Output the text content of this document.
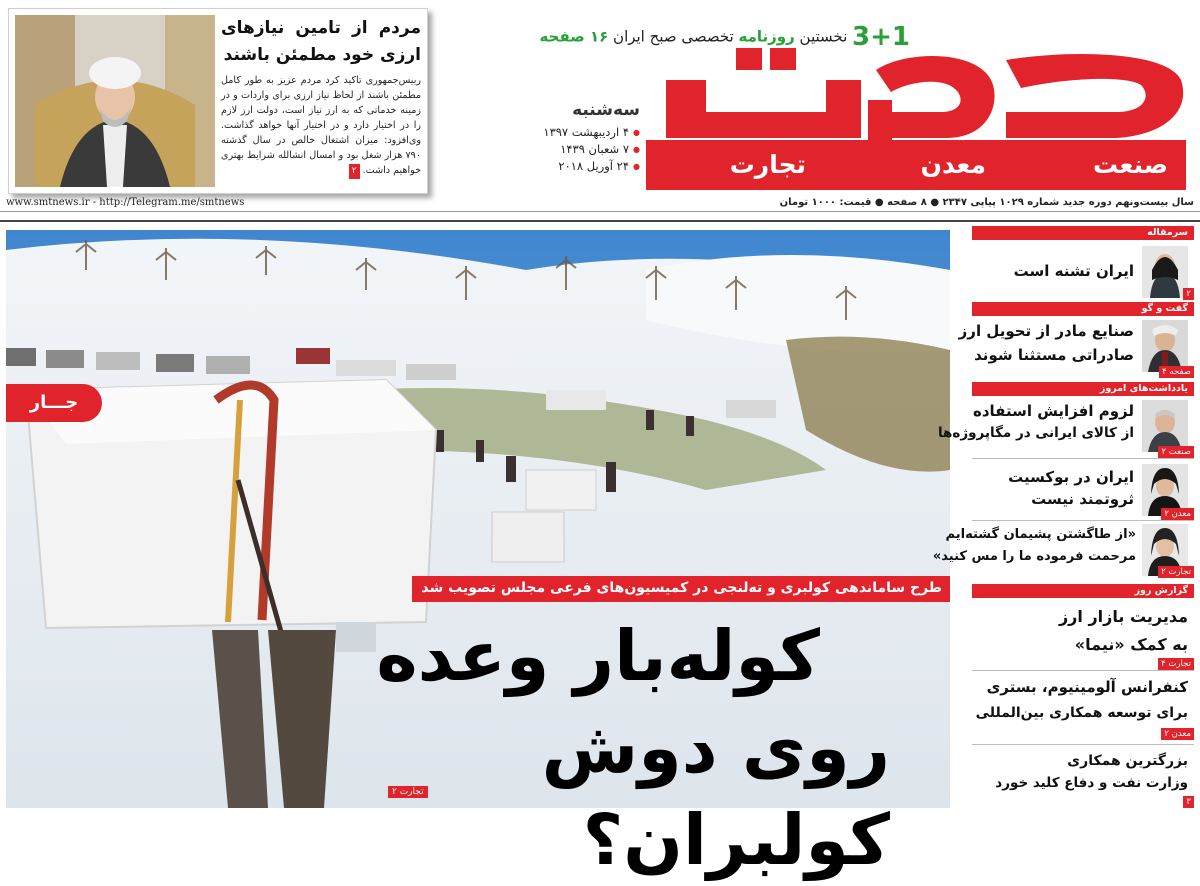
3+1 نخستین روزنامه تخصصی صبح ایران ۱۶ صفحه
صنعت
معدن
تجارت
سه‌شنبه
● ۴ اردیبهشت ۱۳۹۷
● ۷ شعبان ۱۴۳۹
● ۲۴ آوریل ۲۰۱۸
مردم از تامین نیازهای ارزی خود مطمئن باشند
رییس‌جمهوری تاکید کرد مردم عزیز به طور کامل مطمئن باشند از لحاظ نیاز ارزی برای واردات و در زمینه خدماتی که به ارز نیاز است، دولت ارز لازم را در اختیار دارد و در اختیار آنها خواهد گذاشت. وی‌افزود: میزان اشتغال خالص در سال گذشته ۷۹۰ هزار شغل بود و امسال انشالله شرایط بهتری خواهیم داشت. ۲
سال بیست‌ونهم دوره جدید شماره ۱۰۲۹ پیاپی ۲۳۴۷ ● ۸ صفحه ● قیمت: ۱۰۰۰ تومان
www.smtnews.ir - http://Telegram.me/smtnews
جـــار
طرح ساماندهی کولبری و ته‌لنجی در کمیسیون‌های فرعی مجلس تصویب شد
کوله‌بار وعده
روی دوش کولبران؟
تجارت ۲
سرمقاله
ایران تشنه است
۲
گفت و گو
صنایع مادر از تحویل ارز
صادراتی مستثنا شوند
صفحه ۴
یادداشت‌های امروز
لزوم افزایش استفاده
از کالای ایرانی در مگاپروژه‌ها
صنعت ۲
ایران در بوکسیت
ثروتمند نیست
معدن ۲
«از طاگشتن پشیمان گشته‌ایم
مرحمت فرموده ما را مس کنید»
تجارت ۲
گزارش روز
مدیریت بازار ارز
به کمک «نیما»
تجارت ۴
کنفرانس آلومینیوم، بستری
برای توسعه همکاری بین‌المللی
معدن ۲
بزرگترین همکاری
وزارت نفت و دفاع کلید خورد
۳
